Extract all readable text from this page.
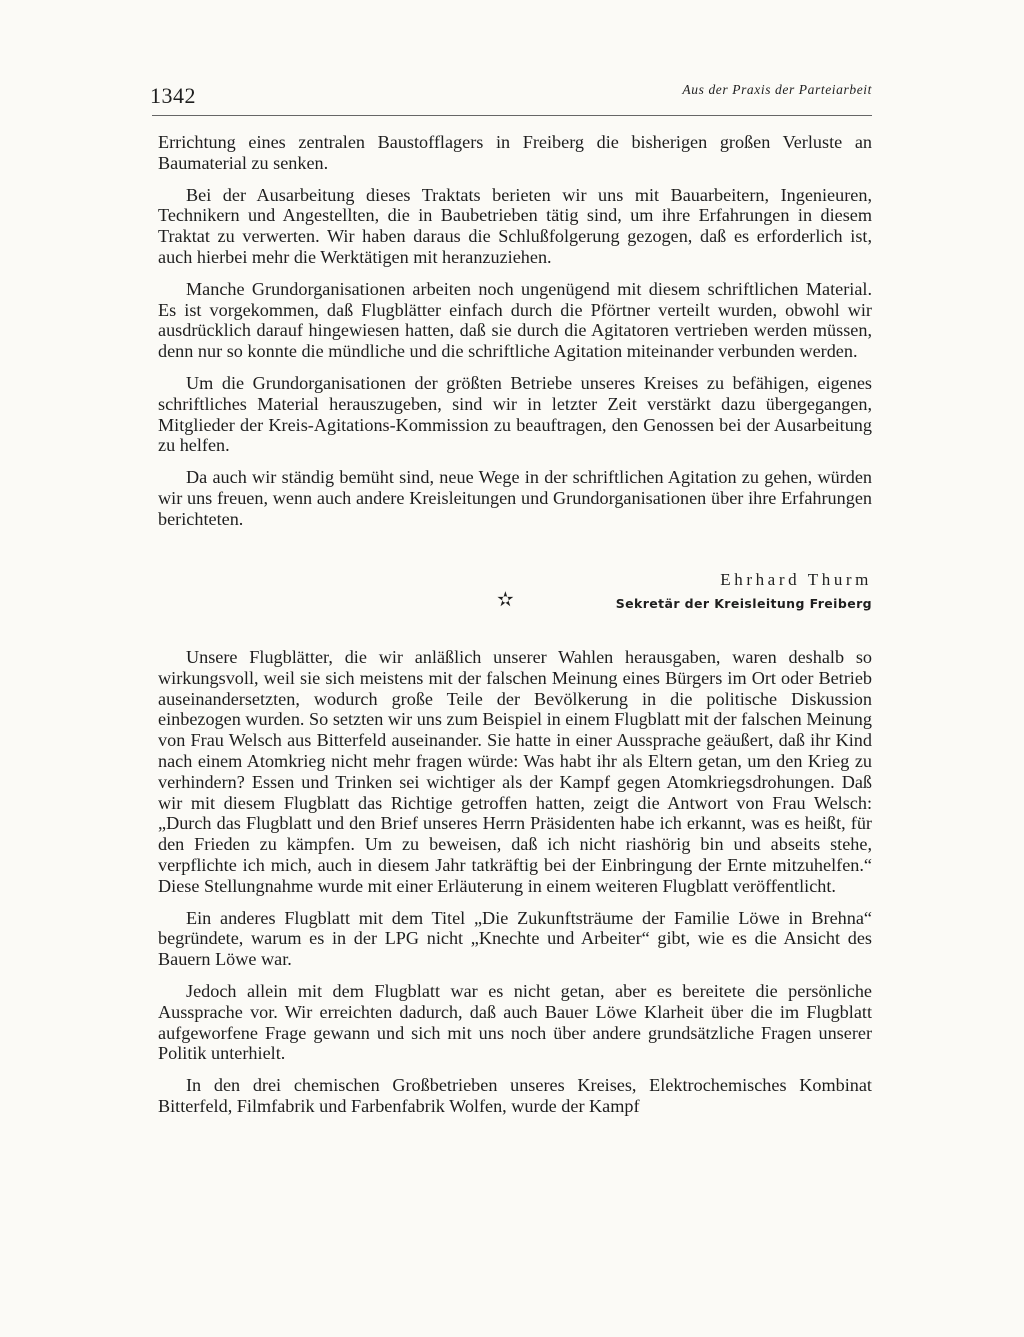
1342	Aus der Praxis der Parteiarbeit

Errichtung eines zentralen Baustofflagers in Freiberg die bisherigen großen Verluste an Baumaterial zu senken.

Bei der Ausarbeitung dieses Traktats berieten wir uns mit Bauarbeitern, Ingenieuren, Technikern und Angestellten, die in Baubetrieben tätig sind, um ihre Erfahrungen in diesem Traktat zu verwerten. Wir haben daraus die Schlußfolgerung gezogen, daß es erforderlich ist, auch hierbei mehr die Werktätigen mit heranzuziehen.

Manche Grundorganisationen arbeiten noch ungenügend mit diesem schriftlichen Material. Es ist vorgekommen, daß Flugblätter einfach durch die Pförtner verteilt wurden, obwohl wir ausdrücklich darauf hingewiesen hatten, daß sie durch die Agitatoren vertrieben werden müssen, denn nur so konnte die mündliche und die schriftliche Agitation miteinander verbunden werden.

Um die Grundorganisationen der größten Betriebe unseres Kreises zu befähigen, eigenes schriftliches Material herauszugeben, sind wir in letzter Zeit verstärkt dazu übergegangen, Mitglieder der Kreis-Agitations-Kommission zu beauftragen, den Genossen bei der Ausarbeitung zu helfen.

Da auch wir ständig bemüht sind, neue Wege in der schriftlichen Agitation zu gehen, würden wir uns freuen, wenn auch andere Kreisleitungen und Grundorganisationen über ihre Erfahrungen berichteten.

Ehrhard Thurm
✫	Sekretär der Kreisleitung Freiberg

Unsere Flugblätter, die wir anläßlich unserer Wahlen herausgaben, waren deshalb so wirkungsvoll, weil sie sich meistens mit der falschen Meinung eines Bürgers im Ort oder Betrieb auseinandersetzten, wodurch große Teile der Bevölkerung in die politische Diskussion einbezogen wurden. So setzten wir uns zum Beispiel in einem Flugblatt mit der falschen Meinung von Frau Welsch aus Bitterfeld auseinander. Sie hatte in einer Aussprache geäußert, daß ihr Kind nach einem Atomkrieg nicht mehr fragen würde: Was habt ihr als Eltern getan, um den Krieg zu verhindern? Essen und Trinken sei wichtiger als der Kampf gegen Atomkriegsdrohungen. Daß wir mit diesem Flugblatt das Richtige getroffen hatten, zeigt die Antwort von Frau Welsch: „Durch das Flugblatt und den Brief unseres Herrn Präsidenten habe ich erkannt, was es heißt, für den Frieden zu kämpfen. Um zu beweisen, daß ich nicht riashörig bin und abseits stehe, verpflichte ich mich, auch in diesem Jahr tatkräftig bei der Einbringung der Ernte mitzuhelfen.“ Diese Stellungnahme wurde mit einer Erläuterung in einem weiteren Flugblatt veröffentlicht.

Ein anderes Flugblatt mit dem Titel „Die Zukunftsträume der Familie Löwe in Brehna“ begründete, warum es in der LPG nicht „Knechte und Arbeiter“ gibt, wie es die Ansicht des Bauern Löwe war.

Jedoch allein mit dem Flugblatt war es nicht getan, aber es bereitete die persönliche Aussprache vor. Wir erreichten dadurch, daß auch Bauer Löwe Klarheit über die im Flugblatt aufgeworfene Frage gewann und sich mit uns noch über andere grundsätzliche Fragen unserer Politik unterhielt.

In den drei chemischen Großbetrieben unseres Kreises, Elektrochemisches Kombinat Bitterfeld, Filmfabrik und Farbenfabrik Wolfen, wurde der Kampf
